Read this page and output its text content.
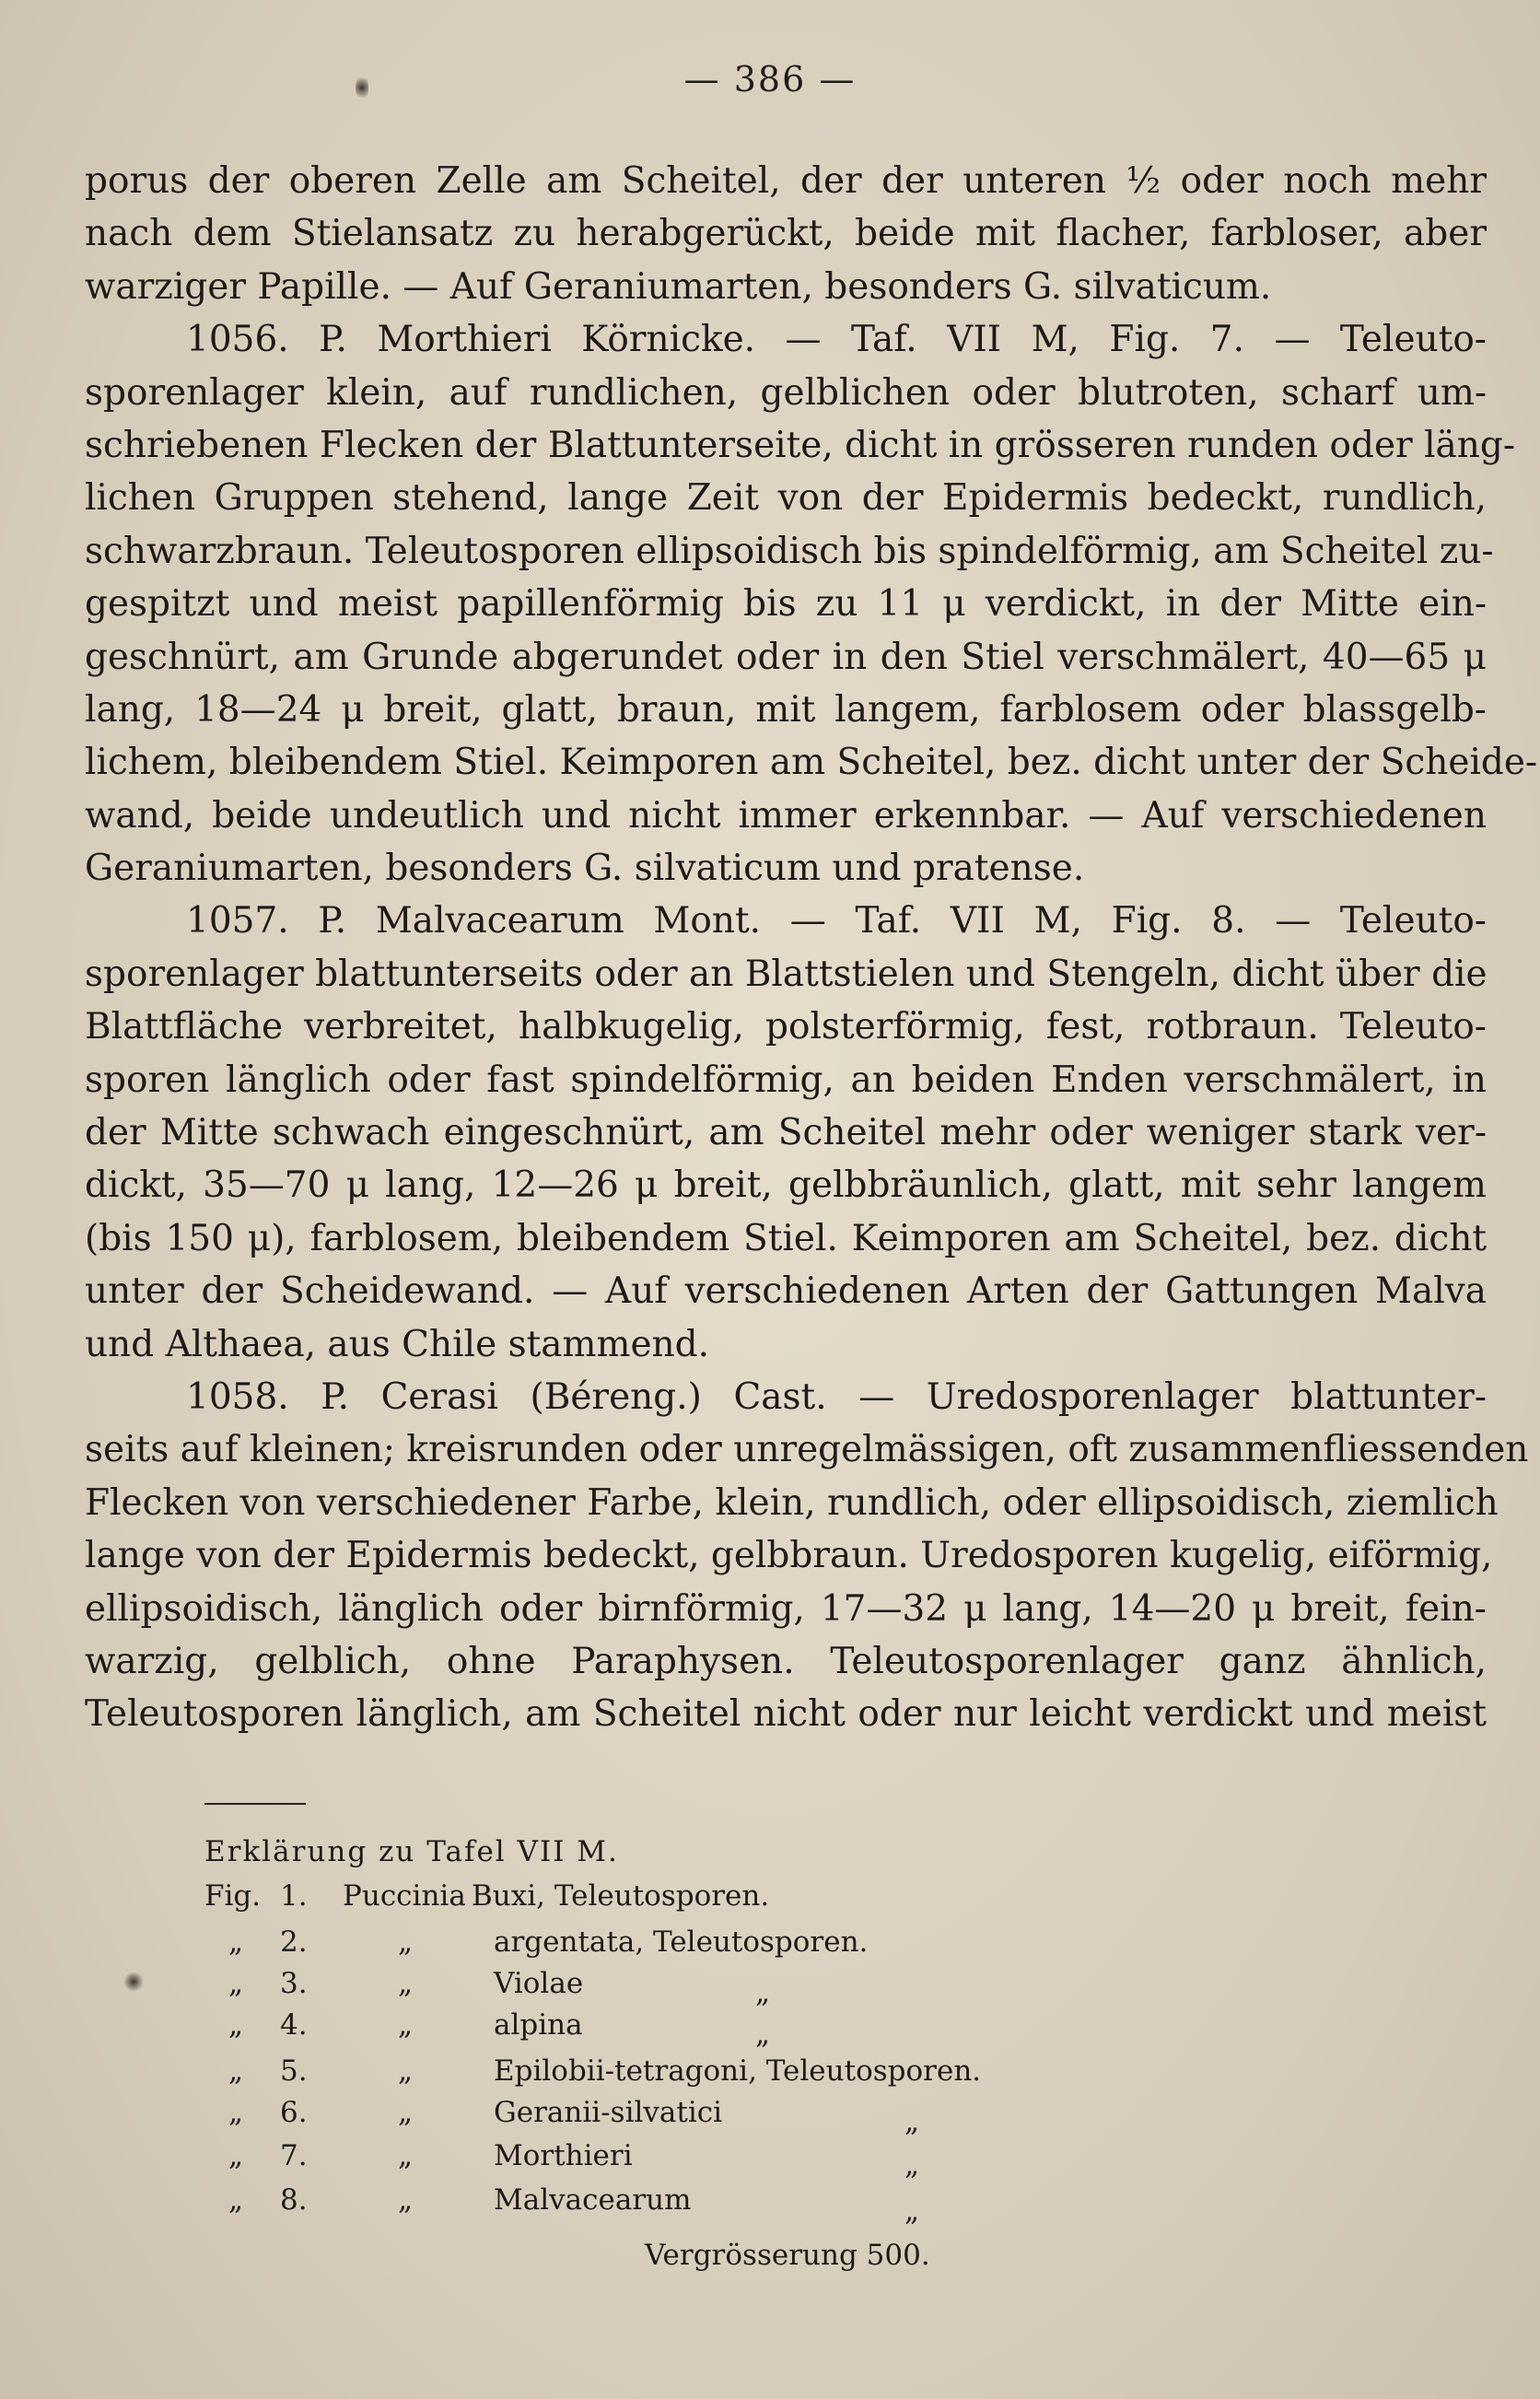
— 386 —
porus der oberen Zelle am Scheitel, der der unteren ½ oder noch mehr
nach dem Stielansatz zu herabgerückt, beide mit flacher, farbloser, aber
warziger Papille. — Auf Geraniumarten, besonders G. silvaticum.
1056. P. Morthieri Körnicke. — Taf. VII M, Fig. 7. — Teleuto-
sporenlager klein, auf rundlichen, gelblichen oder blutroten, scharf um-
schriebenen Flecken der Blattunterseite, dicht in grösseren runden oder läng-
lichen Gruppen stehend, lange Zeit von der Epidermis bedeckt, rundlich,
schwarzbraun. Teleutosporen ellipsoidisch bis spindelförmig, am Scheitel zu-
gespitzt und meist papillenförmig bis zu 11 μ verdickt, in der Mitte ein-
geschnürt, am Grunde abgerundet oder in den Stiel verschmälert, 40—65 μ
lang, 18—24 μ breit, glatt, braun, mit langem, farblosem oder blassgelb-
lichem, bleibendem Stiel. Keimporen am Scheitel, bez. dicht unter der Scheide-
wand, beide undeutlich und nicht immer erkennbar. — Auf verschiedenen
Geraniumarten, besonders G. silvaticum und pratense.
1057. P. Malvacearum Mont. — Taf. VII M, Fig. 8. — Teleuto-
sporenlager blattunterseits oder an Blattstielen und Stengeln, dicht über die
Blattfläche verbreitet, halbkugelig, polsterförmig, fest, rotbraun. Teleuto-
sporen länglich oder fast spindelförmig, an beiden Enden verschmälert, in
der Mitte schwach eingeschnürt, am Scheitel mehr oder weniger stark ver-
dickt, 35—70 μ lang, 12—26 μ breit, gelbbräunlich, glatt, mit sehr langem
(bis 150 μ), farblosem, bleibendem Stiel. Keimporen am Scheitel, bez. dicht
unter der Scheidewand. — Auf verschiedenen Arten der Gattungen Malva
und Althaea, aus Chile stammend.
1058. P. Cerasi (Béreng.) Cast. — Uredosporenlager blattunter-
seits auf kleinen; kreisrunden oder unregelmässigen, oft zusammenfliessenden
Flecken von verschiedener Farbe, klein, rundlich, oder ellipsoidisch, ziemlich
lange von der Epidermis bedeckt, gelbbraun. Uredosporen kugelig, eiförmig,
ellipsoidisch, länglich oder birnförmig, 17—32 μ lang, 14—20 μ breit, fein-
warzig, gelblich, ohne Paraphysen. Teleutosporenlager ganz ähnlich,
Teleutosporen länglich, am Scheitel nicht oder nur leicht verdickt und meist
Erklärung zu Tafel VII M.
Fig. 1.	Puccinia Buxi, Teleutosporen.
„ 2.	„	argentata, Teleutosporen.
„ 3.	„	Violae	„
„ 4.	„	alpina	„
„ 5.	„	Epilobii-tetragoni, Teleutosporen.
„ 6.	„	Geranii-silvatici	„
„ 7.	„	Morthieri	„
„ 8.	„	Malvacearum	„
Vergrösserung 500.
